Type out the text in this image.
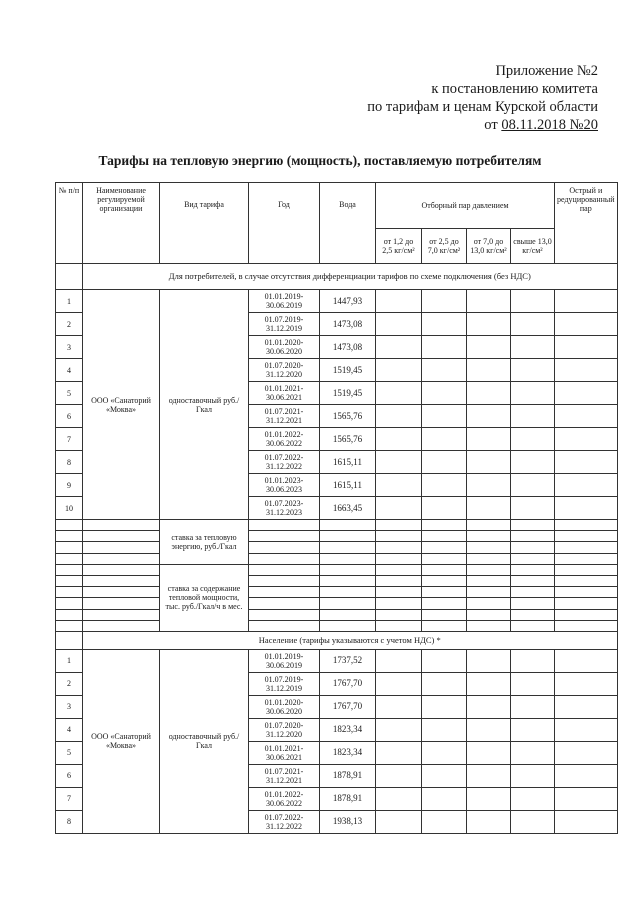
Приложение №2
к постановлению комитета
по тарифам и ценам Курской области
от 08.11.2018 №20
Тарифы на тепловую энергию (мощность), поставляемую потребителям
№ п/п	Наименование регулируемой организации	Вид тарифа	Год	Вода	Отборный пар давлением				Острый и редуцированный пар
					от 1,2 до 2,5 кг/см²	от 2,5 до 7,0 кг/см²	от 7,0 до 13,0 кг/см²	свыше 13,0 кг/см²	
	Для потребителей, в случае отсутствия дифференциации тарифов по схеме подключения (без НДС)								
1	ООО «Санаторий «Моква»	одноставочный руб./Гкал	01.01.2019-30.06.2019	1447,93					
2			01.07.2019-31.12.2019	1473,08					
3			01.01.2020-30.06.2020	1473,08					
4			01.07.2020-31.12.2020	1519,45					
5			01.01.2021-30.06.2021	1519,45					
6			01.07.2021-31.12.2021	1565,76					
7			01.01.2022-30.06.2022	1565,76					
8			01.07.2022-31.12.2022	1615,11					
9			01.01.2023-30.06.2023	1615,11					
10			01.07.2023-31.12.2023	1663,45					
		ставка за тепловую энергию, руб./Гкал							

		ставка за содержание тепловой мощности, тыс. руб./Гкал/ч в мес.							

	Население (тарифы указываются с учетом НДС) *								
1	ООО «Санаторий «Моква»	одноставочный руб./Гкал	01.01.2019-30.06.2019	1737,52					
2			01.07.2019-31.12.2019	1767,70					
3			01.01.2020-30.06.2020	1767,70					
4			01.07.2020-31.12.2020	1823,34					
5			01.01.2021-30.06.2021	1823,34					
6			01.07.2021-31.12.2021	1878,91					
7			01.01.2022-30.06.2022	1878,91					
8			01.07.2022-31.12.2022	1938,13					
